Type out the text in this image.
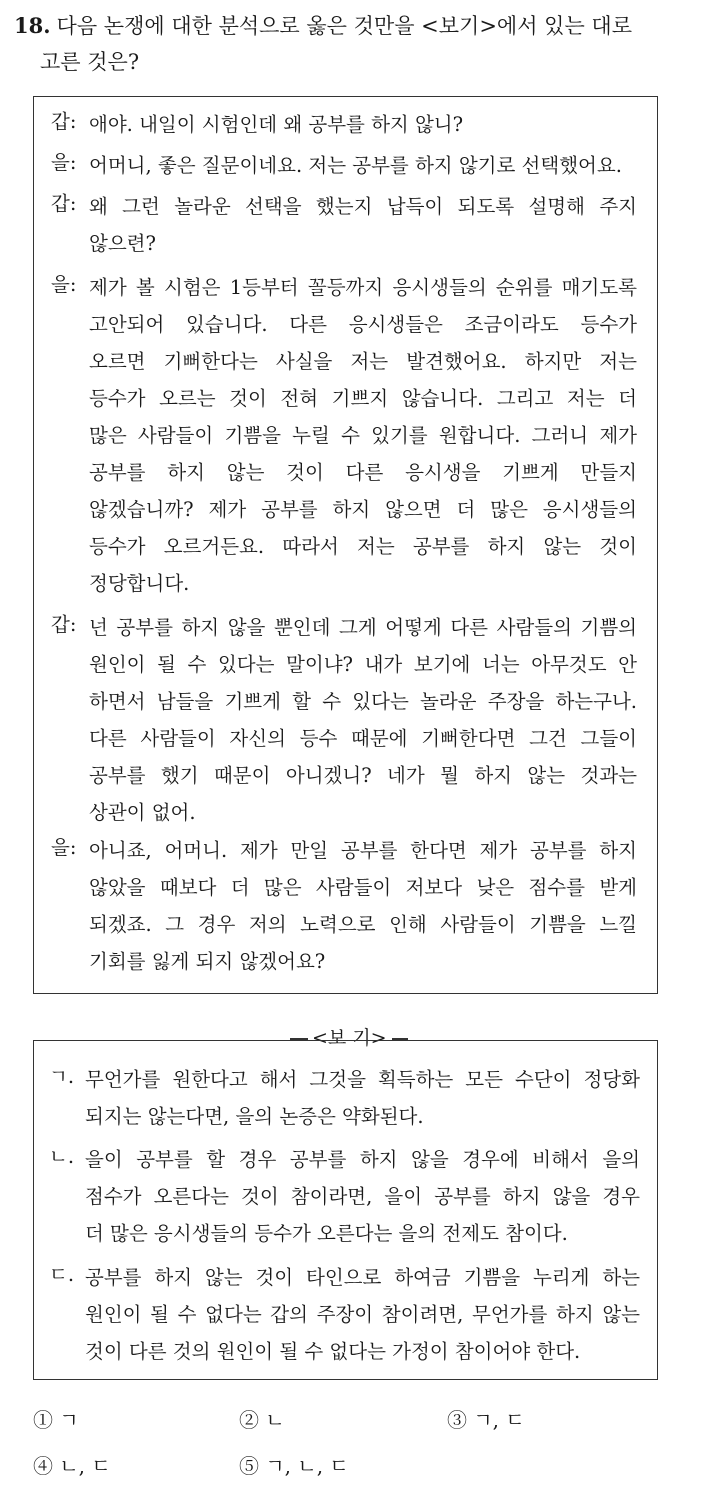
18. 다음 논쟁에 대한 분석으로 옳은 것만을 <보기>에서 있는 대로
고른 것은?
갑: 애야. 내일이 시험인데 왜 공부를 하지 않니?
을: 어머니, 좋은 질문이네요. 저는 공부를 하지 않기로 선택했어요.
갑: 왜 그런 놀라운 선택을 했는지 납득이 되도록 설명해 주지
않으련?
을: 제가 볼 시험은 1등부터 꼴등까지 응시생들의 순위를 매기도록
고안되어 있습니다. 다른 응시생들은 조금이라도 등수가
오르면 기뻐한다는 사실을 저는 발견했어요. 하지만 저는
등수가 오르는 것이 전혀 기쁘지 않습니다. 그리고 저는 더
많은 사람들이 기쁨을 누릴 수 있기를 원합니다. 그러니 제가
공부를 하지 않는 것이 다른 응시생을 기쁘게 만들지
않겠습니까? 제가 공부를 하지 않으면 더 많은 응시생들의
등수가 오르거든요. 따라서 저는 공부를 하지 않는 것이
정당합니다.
갑: 넌 공부를 하지 않을 뿐인데 그게 어떻게 다른 사람들의 기쁨의
원인이 될 수 있다는 말이냐? 내가 보기에 너는 아무것도 안
하면서 남들을 기쁘게 할 수 있다는 놀라운 주장을 하는구나.
다른 사람들이 자신의 등수 때문에 기뻐한다면 그건 그들이
공부를 했기 때문이 아니겠니? 네가 뭘 하지 않는 것과는
상관이 없어.
을: 아니죠, 어머니. 제가 만일 공부를 한다면 제가 공부를 하지
않았을 때보다 더 많은 사람들이 저보다 낮은 점수를 받게
되겠죠. 그 경우 저의 노력으로 인해 사람들이 기쁨을 느낄
기회를 잃게 되지 않겠어요?
<보 기>
ㄱ. 무언가를 원한다고 해서 그것을 획득하는 모든 수단이 정당화
되지는 않는다면, 을의 논증은 약화된다.
ㄴ. 을이 공부를 할 경우 공부를 하지 않을 경우에 비해서 을의
점수가 오른다는 것이 참이라면, 을이 공부를 하지 않을 경우
더 많은 응시생들의 등수가 오른다는 을의 전제도 참이다.
ㄷ. 공부를 하지 않는 것이 타인으로 하여금 기쁨을 누리게 하는
원인이 될 수 없다는 갑의 주장이 참이려면, 무언가를 하지 않는
것이 다른 것의 원인이 될 수 없다는 가정이 참이어야 한다.
① ㄱ	② ㄴ	③ ㄱ, ㄷ
④ ㄴ, ㄷ	⑤ ㄱ, ㄴ, ㄷ
